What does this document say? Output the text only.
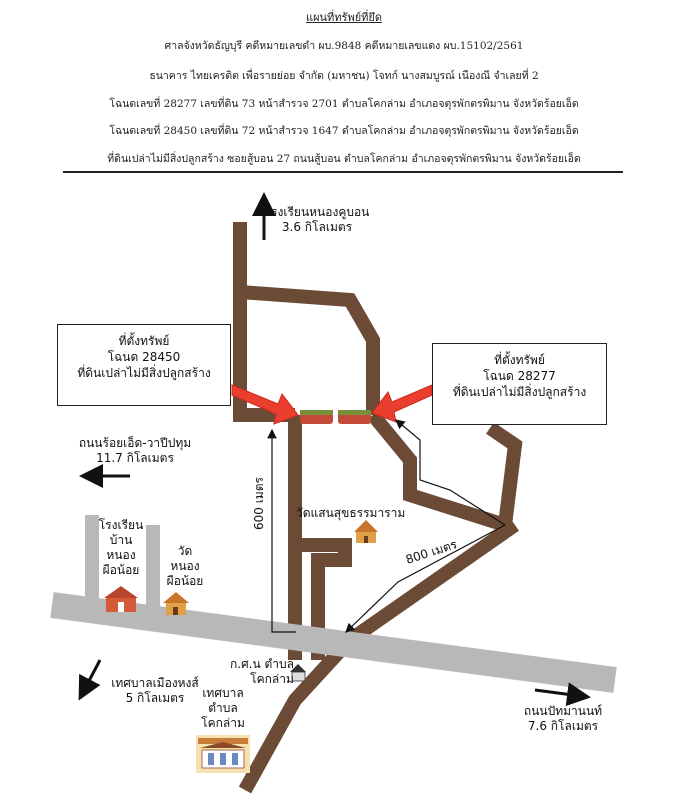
แผนที่ทรัพย์ที่ยึด
ศาลจังหวัดธัญบุรี คดีหมายเลขดำ ผบ.9848 คดีหมายเลขแดง ผบ.15102/2561
ธนาคาร ไทยเครดิต เพื่อรายย่อย จำกัด (มหาชน) โจทก์ นางสมบูรณ์ เนืองณี จำเลยที่ 2
โฉนดเลขที่ 28277 เลขที่ดิน 73 หน้าสำรวจ 2701 ตำบลโคกล่าม อำเภอจตุรพักตรพิมาน จังหวัดร้อยเอ็ด
โฉนดเลขที่ 28450 เลขที่ดิน 72 หน้าสำรวจ 1647 ตำบลโคกล่าม อำเภอจตุรพักตรพิมาน จังหวัดร้อยเอ็ด
ที่ดินเปล่าไม่มีสิ่งปลูกสร้าง ซอยสู้บอน 27 ถนนสู้บอน ตำบลโคกล่าม อำเภอจตุรพักตรพิมาน จังหวัดร้อยเอ็ด
โรงเรียนหนองคูบอน
3.6 กิโลเมตร
ที่ตั้งทรัพย์
โฉนด 28450
ที่ดินเปล่าไม่มีสิ่งปลูกสร้าง
ที่ตั้งทรัพย์
โฉนด 28277
ที่ดินเปล่าไม่มีสิ่งปลูกสร้าง
ถนนร้อยเอ็ด-วาปีปทุม
11.7 กิโลเมตร
600 เมตร	วัดแสนสุขธรรมาราม
800 เมตร
โรงเรียน
บ้าน
หนอง
ผือน้อย
วัด
หนอง
ผือน้อย
ก.ศ.น ตำบล
โคกล่าม
เทศบาลเมืองหงส์
5 กิโลเมตร	เทศบาล
ตำบล
โคกล่าม
ถนนปัทมานนท์
7.6 กิโลเมตร
